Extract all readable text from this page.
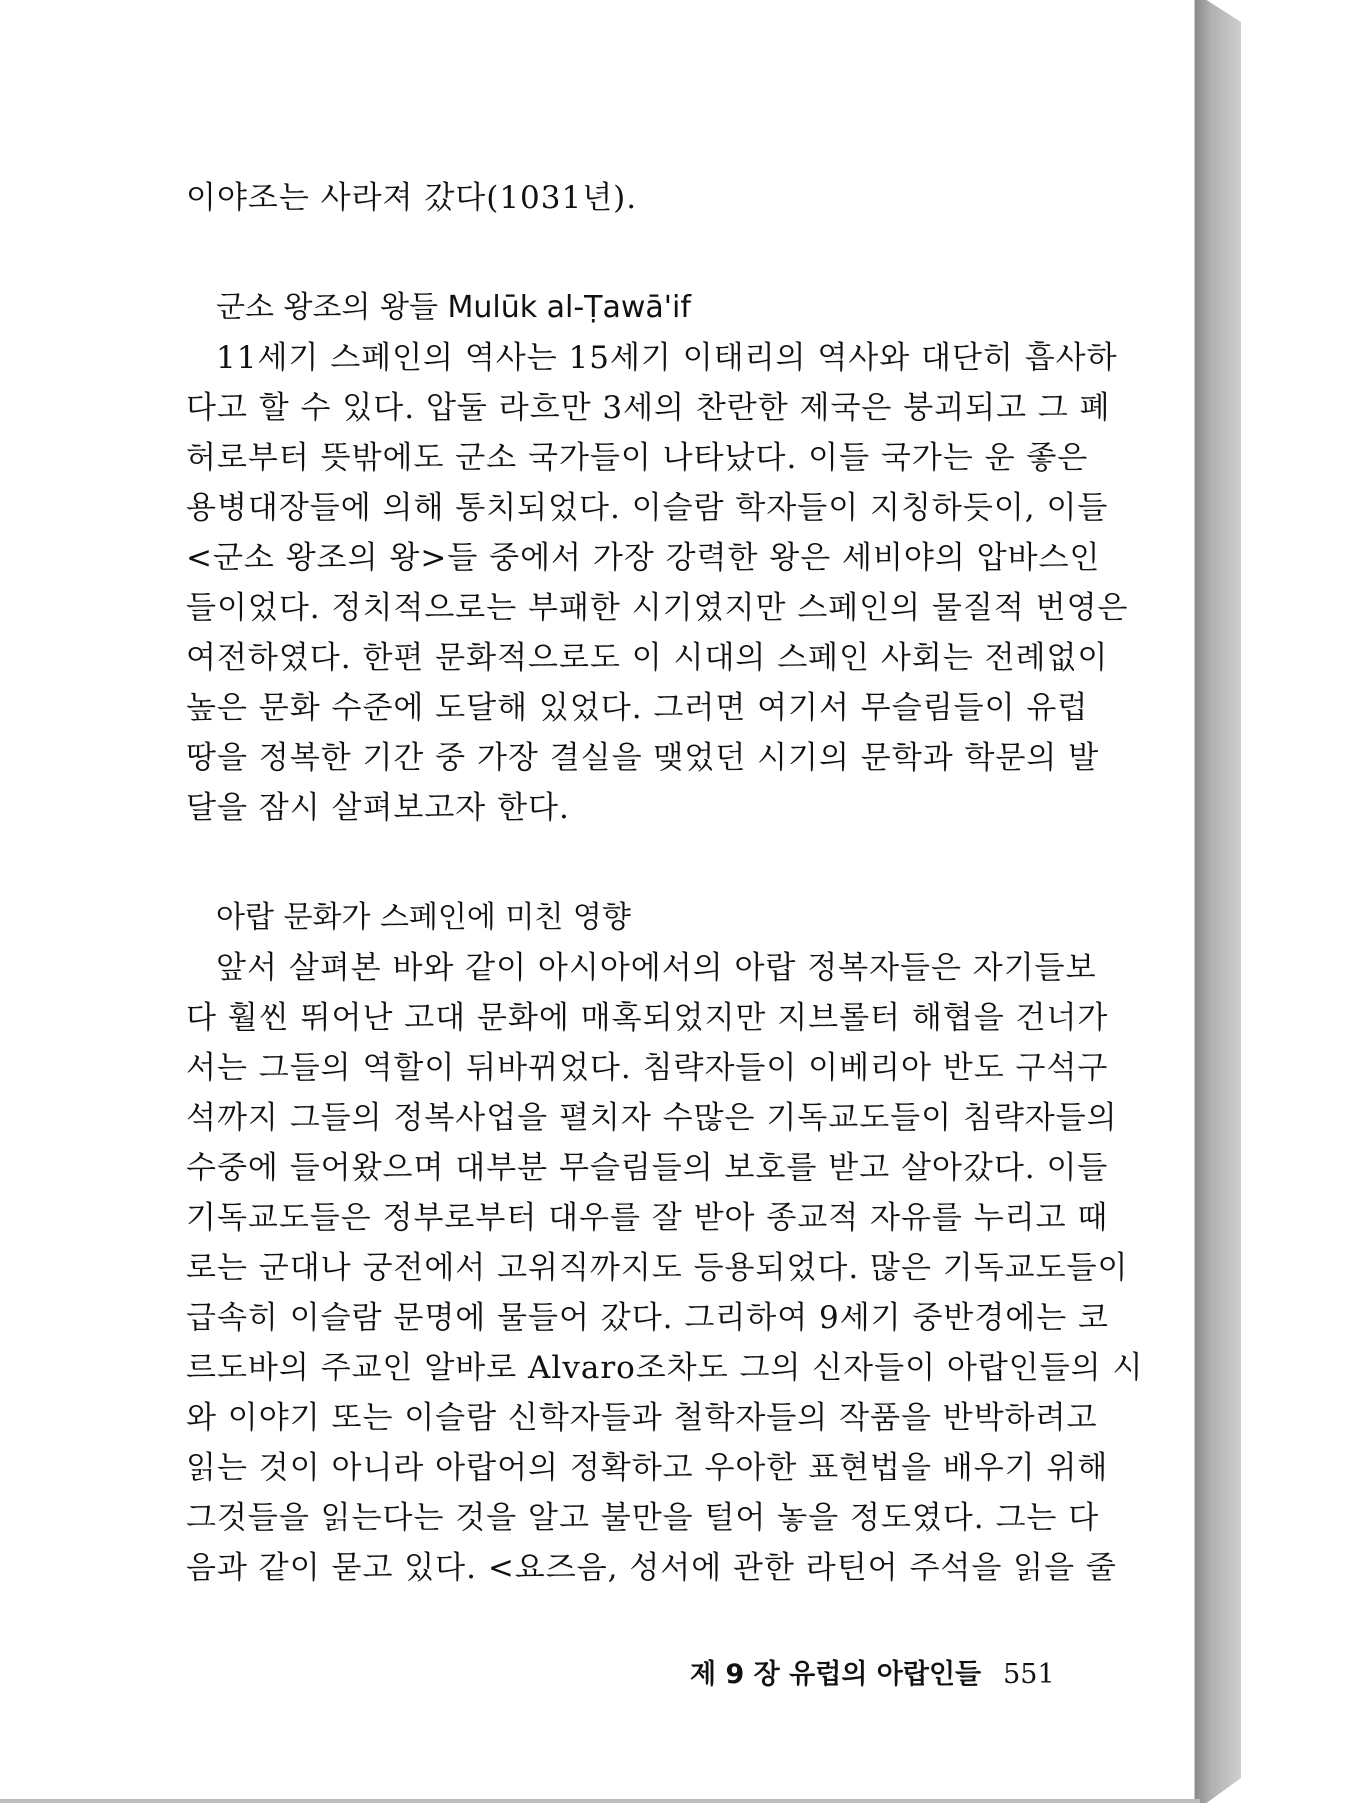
이야조는 사라져 갔다(1031년).
군소 왕조의 왕들 Mulūk al-Ṭawā'if
11세기 스페인의 역사는 15세기 이태리의 역사와 대단히 흡사하
다고 할 수 있다. 압둘 라흐만 3세의 찬란한 제국은 붕괴되고 그 폐
허로부터 뜻밖에도 군소 국가들이 나타났다. 이들 국가는 운 좋은
용병대장들에 의해 통치되었다. 이슬람 학자들이 지칭하듯이, 이들
<군소 왕조의 왕>들 중에서 가장 강력한 왕은 세비야의 압바스인
들이었다. 정치적으로는 부패한 시기였지만 스페인의 물질적 번영은
여전하였다. 한편 문화적으로도 이 시대의 스페인 사회는 전례없이
높은 문화 수준에 도달해 있었다. 그러면 여기서 무슬림들이 유럽
땅을 정복한 기간 중 가장 결실을 맺었던 시기의 문학과 학문의 발
달을 잠시 살펴보고자 한다.
아랍 문화가 스페인에 미친 영향
앞서 살펴본 바와 같이 아시아에서의 아랍 정복자들은 자기들보
다 훨씬 뛰어난 고대 문화에 매혹되었지만 지브롤터 해협을 건너가
서는 그들의 역할이 뒤바뀌었다. 침략자들이 이베리아 반도 구석구
석까지 그들의 정복사업을 펼치자 수많은 기독교도들이 침략자들의
수중에 들어왔으며 대부분 무슬림들의 보호를 받고 살아갔다. 이들
기독교도들은 정부로부터 대우를 잘 받아 종교적 자유를 누리고 때
로는 군대나 궁전에서 고위직까지도 등용되었다. 많은 기독교도들이
급속히 이슬람 문명에 물들어 갔다. 그리하여 9세기 중반경에는 코
르도바의 주교인 알바로 Alvaro조차도 그의 신자들이 아랍인들의 시
와 이야기 또는 이슬람 신학자들과 철학자들의 작품을 반박하려고
읽는 것이 아니라 아랍어의 정확하고 우아한 표현법을 배우기 위해
그것들을 읽는다는 것을 알고 불만을 털어 놓을 정도였다. 그는 다
음과 같이 묻고 있다. <요즈음, 성서에 관한 라틴어 주석을 읽을 줄
제 9 장 유럽의 아랍인들 551
